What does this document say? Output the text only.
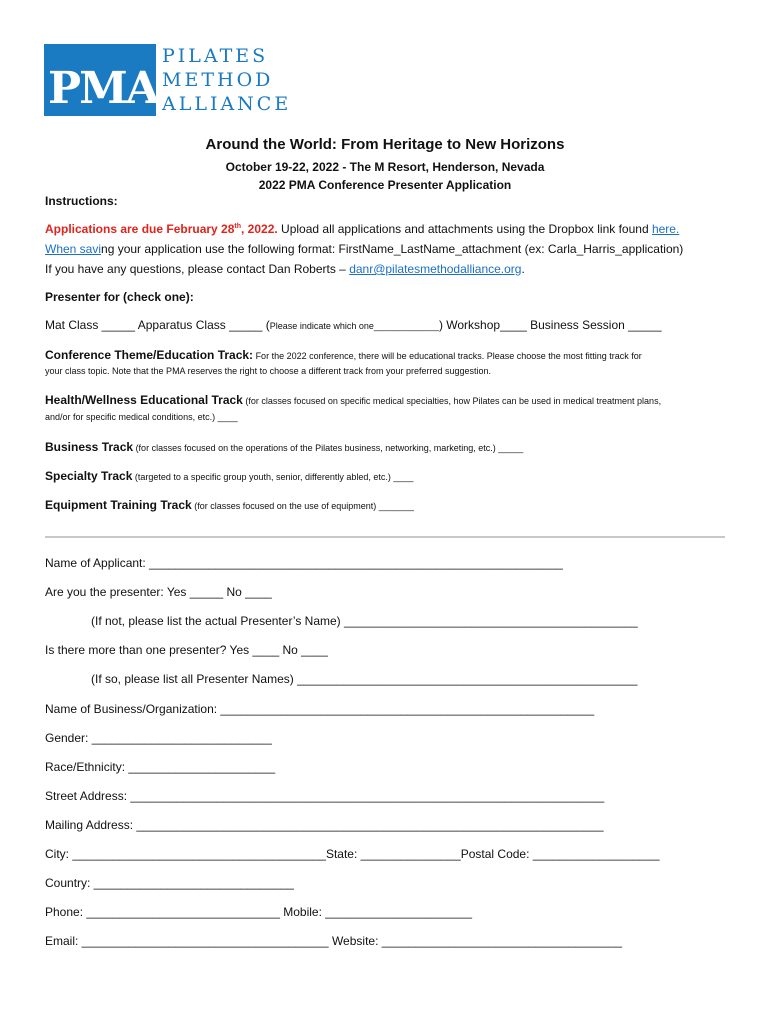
PMA
PILATES
METHOD
ALLIANCE
Around the World: From Heritage to New Horizons
October 19-22, 2022 - The M Resort, Henderson, Nevada
2022 PMA Conference Presenter Application
Instructions:
Applications are due February 28th, 2022. Upload all applications and attachments using the Dropbox link found here.
When saving your application use the following format: FirstName_LastName_attachment (ex: Carla_Harris_application)
If you have any questions, please contact Dan Roberts – danr@pilatesmethodalliance.org.
Presenter for (check one):
Mat Class _____ Apparatus Class _____ (Please indicate which one_____________) Workshop____ Business Session _____
Conference Theme/Education Track: For the 2022 conference, there will be educational tracks. Please choose the most fitting track for
your class topic. Note that the PMA reserves the right to choose a different track from your preferred suggestion.
Health/Wellness Educational Track (for classes focused on specific medical specialties, how Pilates can be used in medical treatment plans,
and/or for specific medical conditions, etc.) ____
Business Track (for classes focused on the operations of the Pilates business, networking, marketing, etc.) _____
Specialty Track (targeted to a specific group youth, senior, differently abled, etc.) ____
Equipment Training Track (for classes focused on the use of equipment) _______
Name of Applicant: ______________________________________________________________
Are you the presenter: Yes _____ No ____
(If not, please list the actual Presenter’s Name) ____________________________________________
Is there more than one presenter? Yes ____ No ____
(If so, please list all Presenter Names) ___________________________________________________
Name of Business/Organization: ________________________________________________________
Gender: ___________________________
Race/Ethnicity: ______________________
Street Address: _______________________________________________________________________
Mailing Address: ______________________________________________________________________
City: ______________________________________State: _______________Postal Code: ___________________
Country: ______________________________
Phone: _____________________________ Mobile: ______________________
Email: _____________________________________ Website: ____________________________________
